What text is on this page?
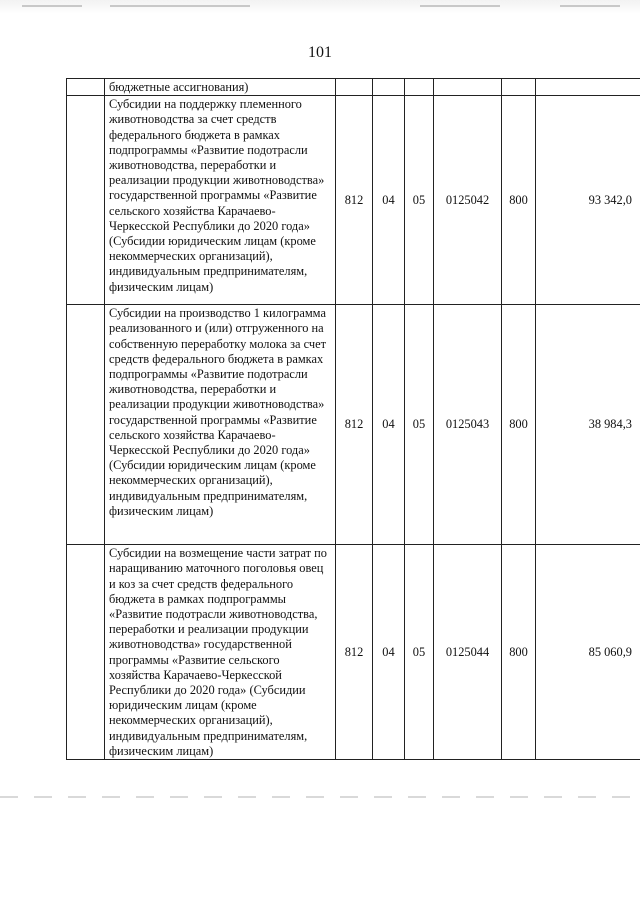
101
	бюджетные ассигнования)						
	Субсидии на поддержку племенного животноводства за счет средств федерального бюджета в рамках подпрограммы «Развитие подотрасли животноводства, переработки и реализации продукции животноводства» государственной программы «Развитие сельского хозяйства Карачаево-Черкесской Республики до 2020 года» (Субсидии юридическим лицам (кроме некоммерческих организаций), индивидуальным предпринимателям, физическим лицам)	812	04	05	0125042	800	93 342,0
	Субсидии на производство 1 килограмма реализованного и (или) отгруженного на собственную переработку молока за счет средств федерального бюджета в рамках подпрограммы «Развитие подотрасли животноводства, переработки и реализации продукции животноводства» государственной программы «Развитие сельского хозяйства Карачаево-Черкесской Республики до 2020 года» (Субсидии юридическим лицам (кроме некоммерческих организаций), индивидуальным предпринимателям, физическим лицам)	812	04	05	0125043	800	38 984,3
	Субсидии на возмещение части затрат по наращиванию маточного поголовья овец и коз за счет средств федерального бюджета в рамках подпрограммы «Развитие подотрасли животноводства, переработки и реализации продукции животноводства» государственной программы «Развитие сельского хозяйства Карачаево-Черкесской Республики до 2020 года» (Субсидии юридическим лицам (кроме некоммерческих организаций), индивидуальным предпринимателям, физическим лицам)	812	04	05	0125044	800	85 060,9
